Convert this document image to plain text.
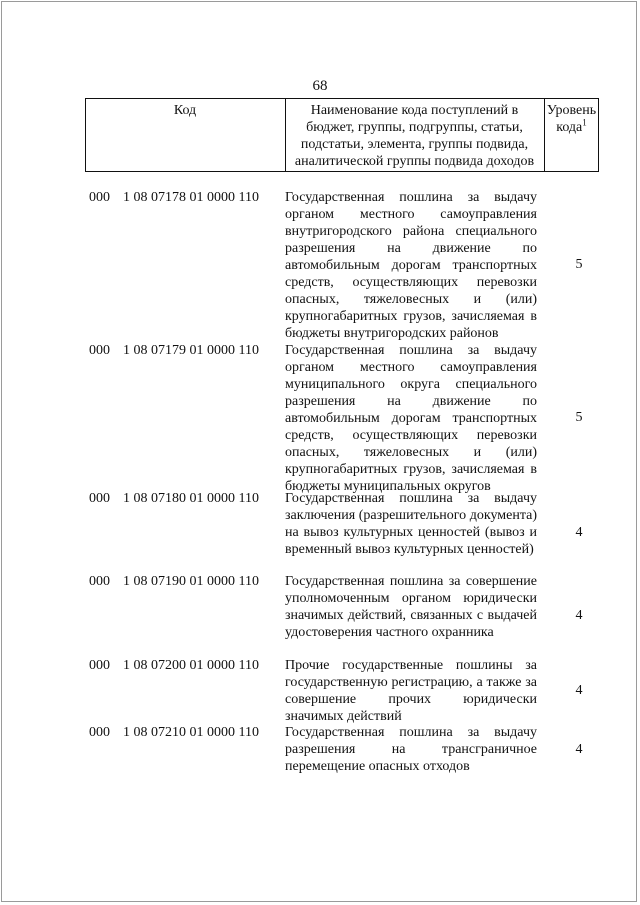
68
Код	Наименование кода поступлений в бюджет, группы, подгруппы, статьи, подстатьи, элемента, группы подвида, аналитической группы подвида доходов
Уровень кода$^1$
000 1 08 07178 01 0000 110 Государственная пошлина за выдачу органом местного самоуправления внутригородского района специального разрешения на движение по автомобильным дорогам транспортных средств, осуществляющих перевозки опасных, тяжеловесных и (или) крупногабаритных грузов, зачисляемая в бюджеты внутригородских районов
5
000 1 08 07179 01 0000 110 Государственная пошлина за выдачу органом местного самоуправления муниципального округа специального разрешения на движение по автомобильным дорогам транспортных средств, осуществляющих перевозки опасных, тяжеловесных и (или) крупногабаритных грузов, зачисляемая в бюджеты муниципальных округов
5
000 1 08 07180 01 0000 110 Государственная пошлина за выдачу заключения (разрешительного документа) на вывоз культурных ценностей (вывоз и временный вывоз культурных ценностей)
4
000 1 08 07190 01 0000 110 Государственная пошлина за совершение уполномоченным органом юридически значимых действий, связанных с выдачей удостоверения частного охранника
4
000 1 08 07200 01 0000 110 Прочие государственные пошлины за государственную регистрацию, а также за совершение прочих юридически значимых действий
4
000 1 08 07210 01 0000 110 Государственная пошлина за выдачу разрешения на трансграничное перемещение опасных отходов
4
